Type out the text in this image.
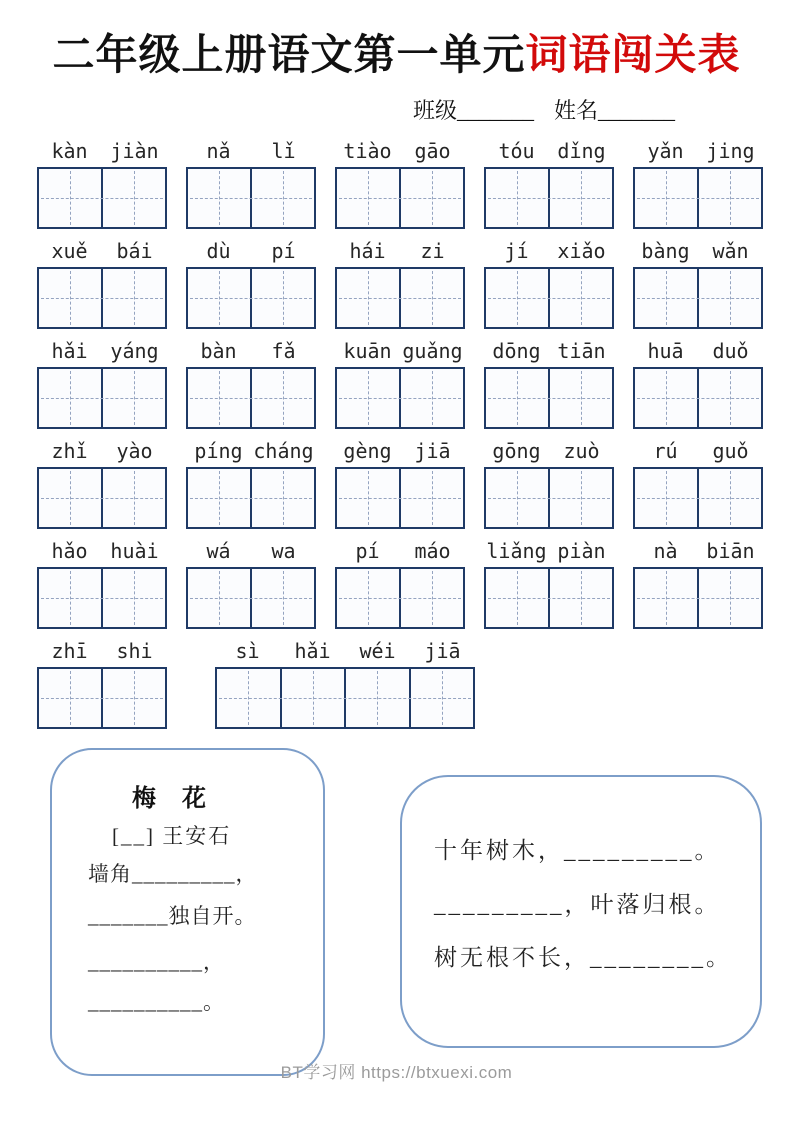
二年级上册语文第一单元词语闯关表
班级_______ 姓名_______
kàn	jiàn	nǎ	lǐ	tiào	gāo	tóu	dǐng	yǎn	jing
xuě	bái	dù	pí	hái	zi	jí	xiǎo	bàng	wǎn
hǎi	yáng	bàn	fǎ	kuān guǎng	dōng tiān	huā	duǒ
zhǐ	yào	píng cháng	gèng	jiā	gōng	zuò	rú	guǒ
hǎo	huài	wá	wa	pí	máo	liǎng piàn	nà	biān
zhī	shi	sì	hǎi	wéi	jiā
梅 花
[__] 王安石
墙角_________，
_______独自开。
__________，
__________。
十年树木，_________。
_________，叶落归根。
树无根不长，________。
BT学习网 https://btxuexi.com
